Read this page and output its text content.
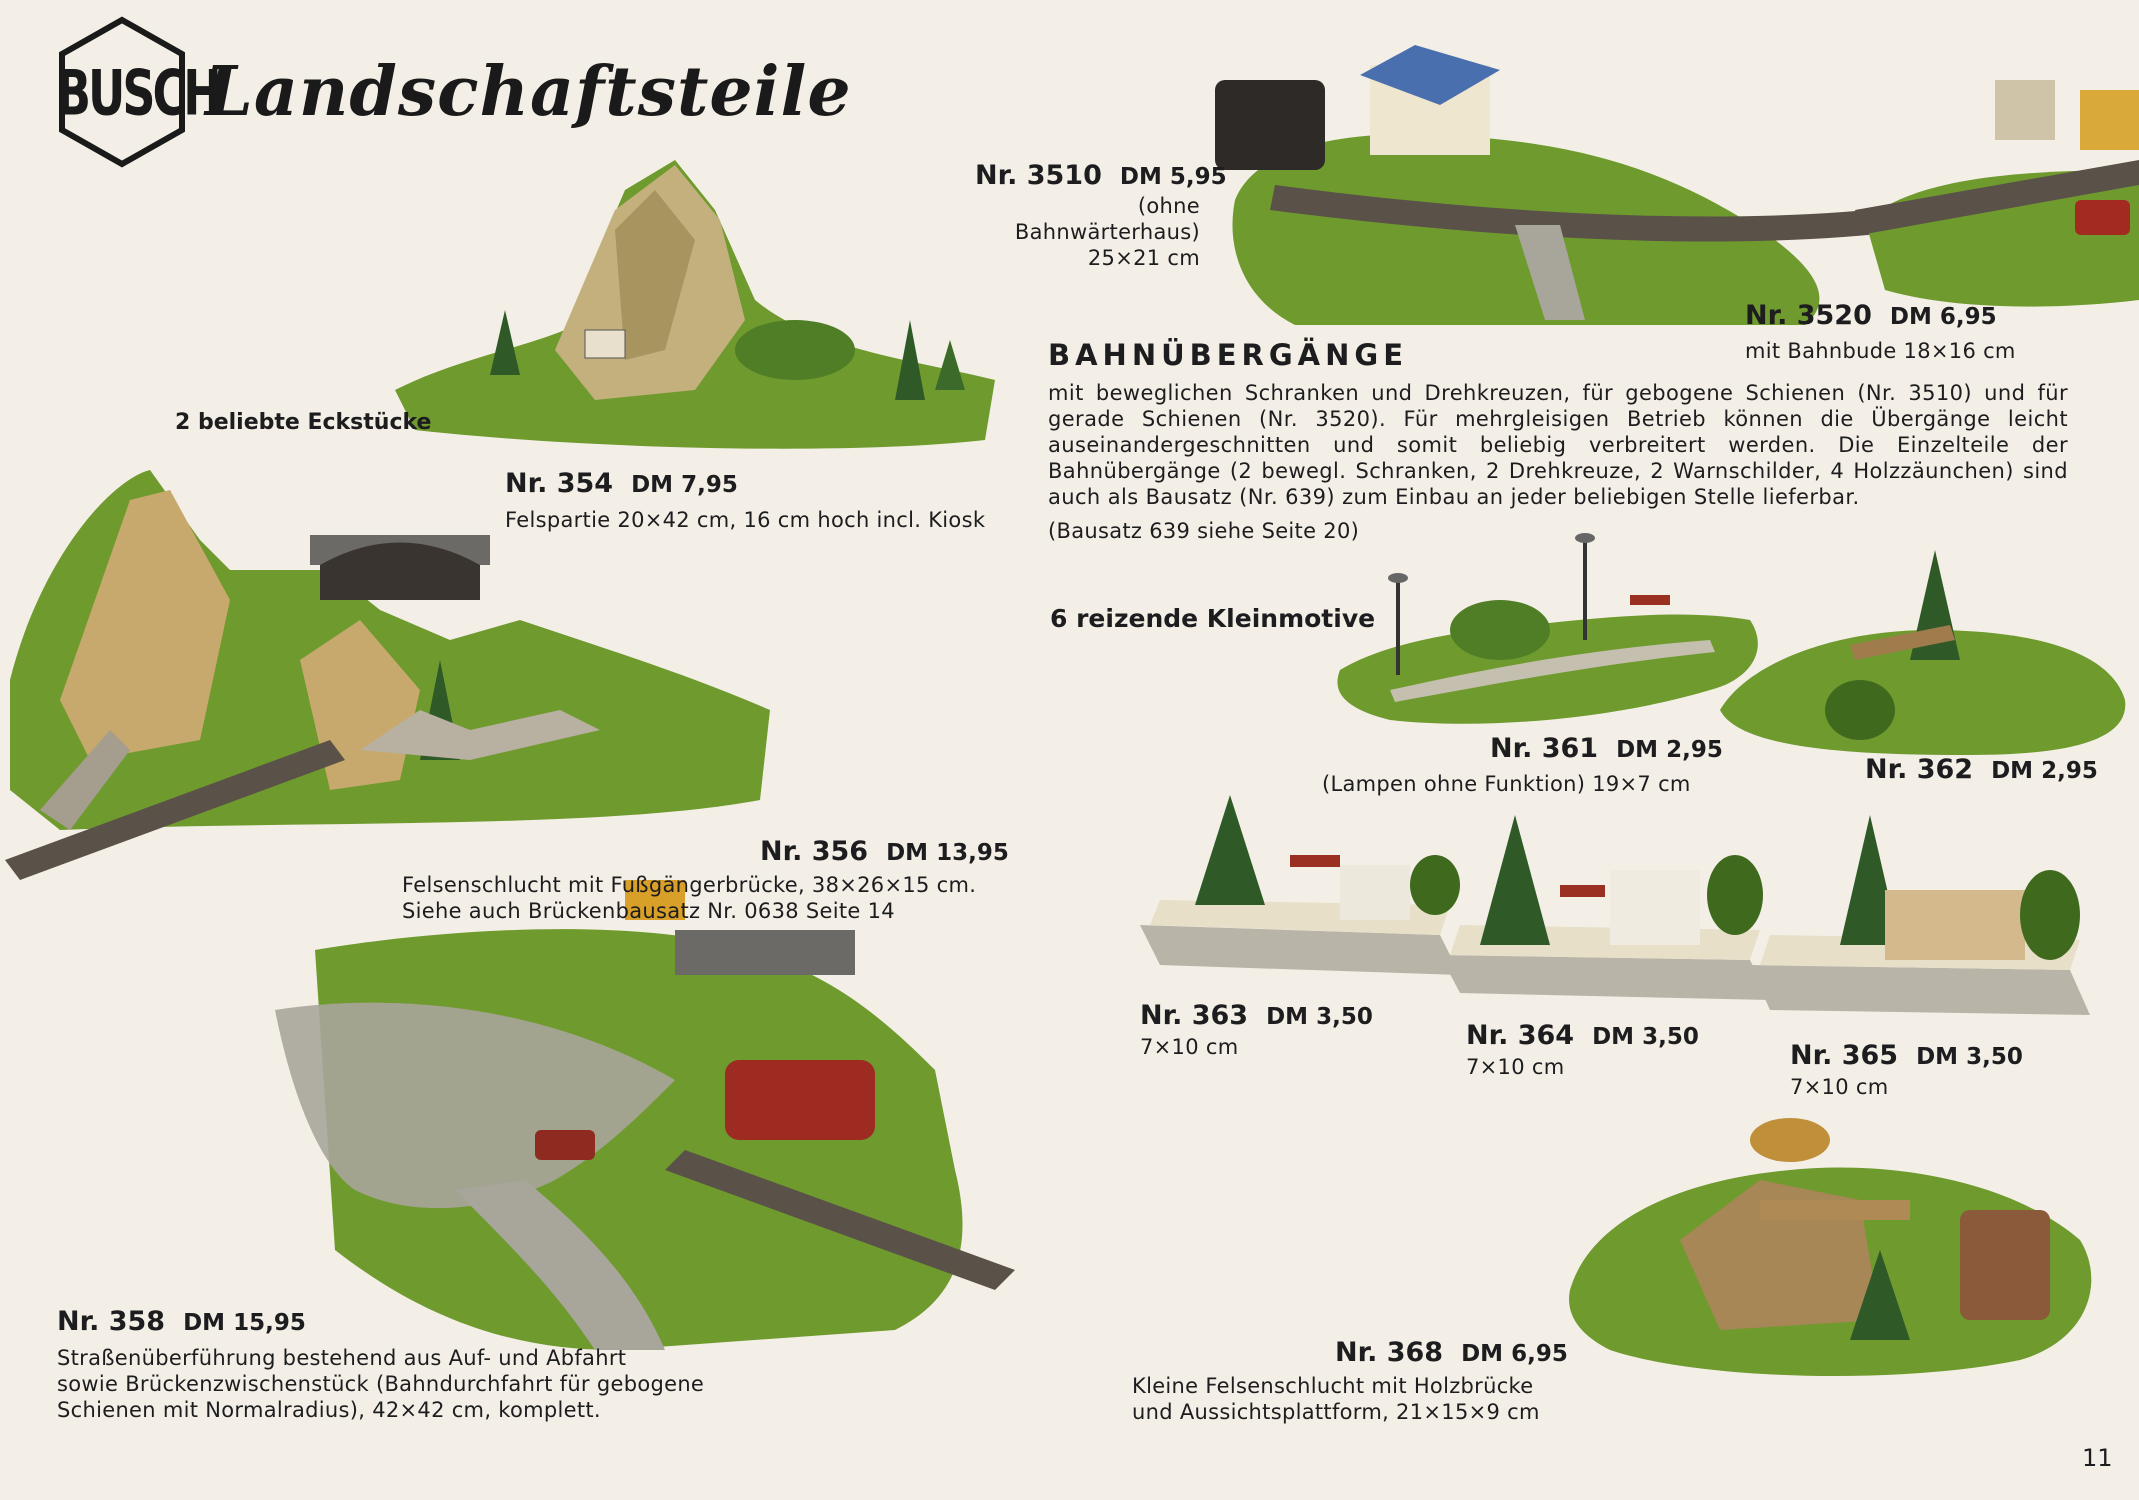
BUSCH
Landschaftsteile
2 beliebte Eckstücke
Nr. 354 DM 7,95
Felspartie 20×42 cm, 16 cm hoch incl. Kiosk
Nr. 356 DM 13,95
Felsenschlucht mit Fußgängerbrücke, 38×26×15 cm.
Siehe auch Brückenbausatz Nr. 0638 Seite 14
Nr. 358 DM 15,95
Straßenüberführung bestehend aus Auf- und Abfahrt
sowie Brückenzwischenstück (Bahndurchfahrt für gebogene
Schienen mit Normalradius), 42×42 cm, komplett.
Nr. 3510 DM 5,95
(ohne
Bahnwärterhaus)
25×21 cm
Nr. 3520 DM 6,95
mit Bahnbude 18×16 cm
BAHNÜBERGÄNGE
mit beweglichen Schranken und Drehkreuzen, für gebogene Schienen (Nr. 3510) und für gerade Schienen (Nr. 3520). Für mehrgleisigen Betrieb können die Übergänge leicht auseinandergeschnitten und somit beliebig verbreitert werden. Die Einzelteile der Bahnübergänge (2 bewegl. Schranken, 2 Drehkreuze, 2 Warnschilder, 4 Holzzäunchen) sind auch als Bausatz (Nr. 639) zum Einbau an jeder beliebigen Stelle lieferbar.
(Bausatz 639 siehe Seite 20)
6 reizende Kleinmotive
Nr. 361 DM 2,95
(Lampen ohne Funktion) 19×7 cm	Nr. 362 DM 2,95
Nr. 363 DM 3,50
7×10 cm	Nr. 364 DM 3,50
7×10 cm	Nr. 365 DM 3,50
7×10 cm
Nr. 368 DM 6,95
Kleine Felsenschlucht mit Holzbrücke
und Aussichtsplattform, 21×15×9 cm
11
